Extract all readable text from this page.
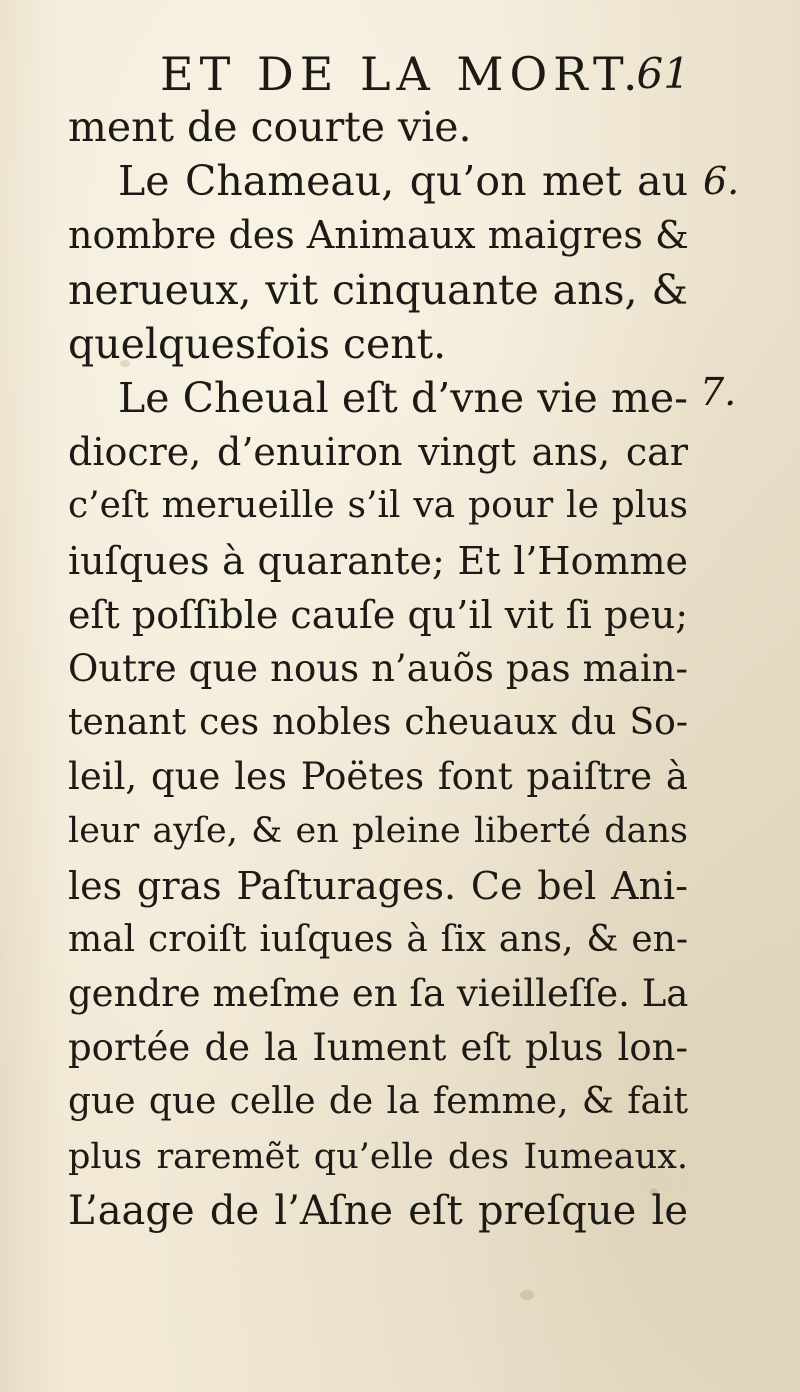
ET DE LA MORT.
61
6.
7.
ment de courte vie.
Le Chameau, qu’on met au
nombre des Animaux maigres &
nerueux, vit cinquante ans, &
quelquesfois cent.
Le Cheual eſt d’vne vie me-
diocre, d’enuiron vingt ans, car
c’eſt merueille s’il va pour le plus
iuſques à quarante; Et l’Homme
eſt poſſible cauſe qu’il vit ſi peu;
Outre que nous n’auõs pas main-
tenant ces nobles cheuaux du So-
leil, que les Poëtes font paiſtre à
leur ayſe, & en pleine liberté dans
les gras Paſturages. Ce bel Ani-
mal croiſt iuſques à ſix ans, & en-
gendre meſme en ſa vieilleſſe. La
portée de la Iument eſt plus lon-
gue que celle de la femme, & fait
plus raremẽt qu’elle des Iumeaux.
L’aage de l’Aſne eſt preſque le
